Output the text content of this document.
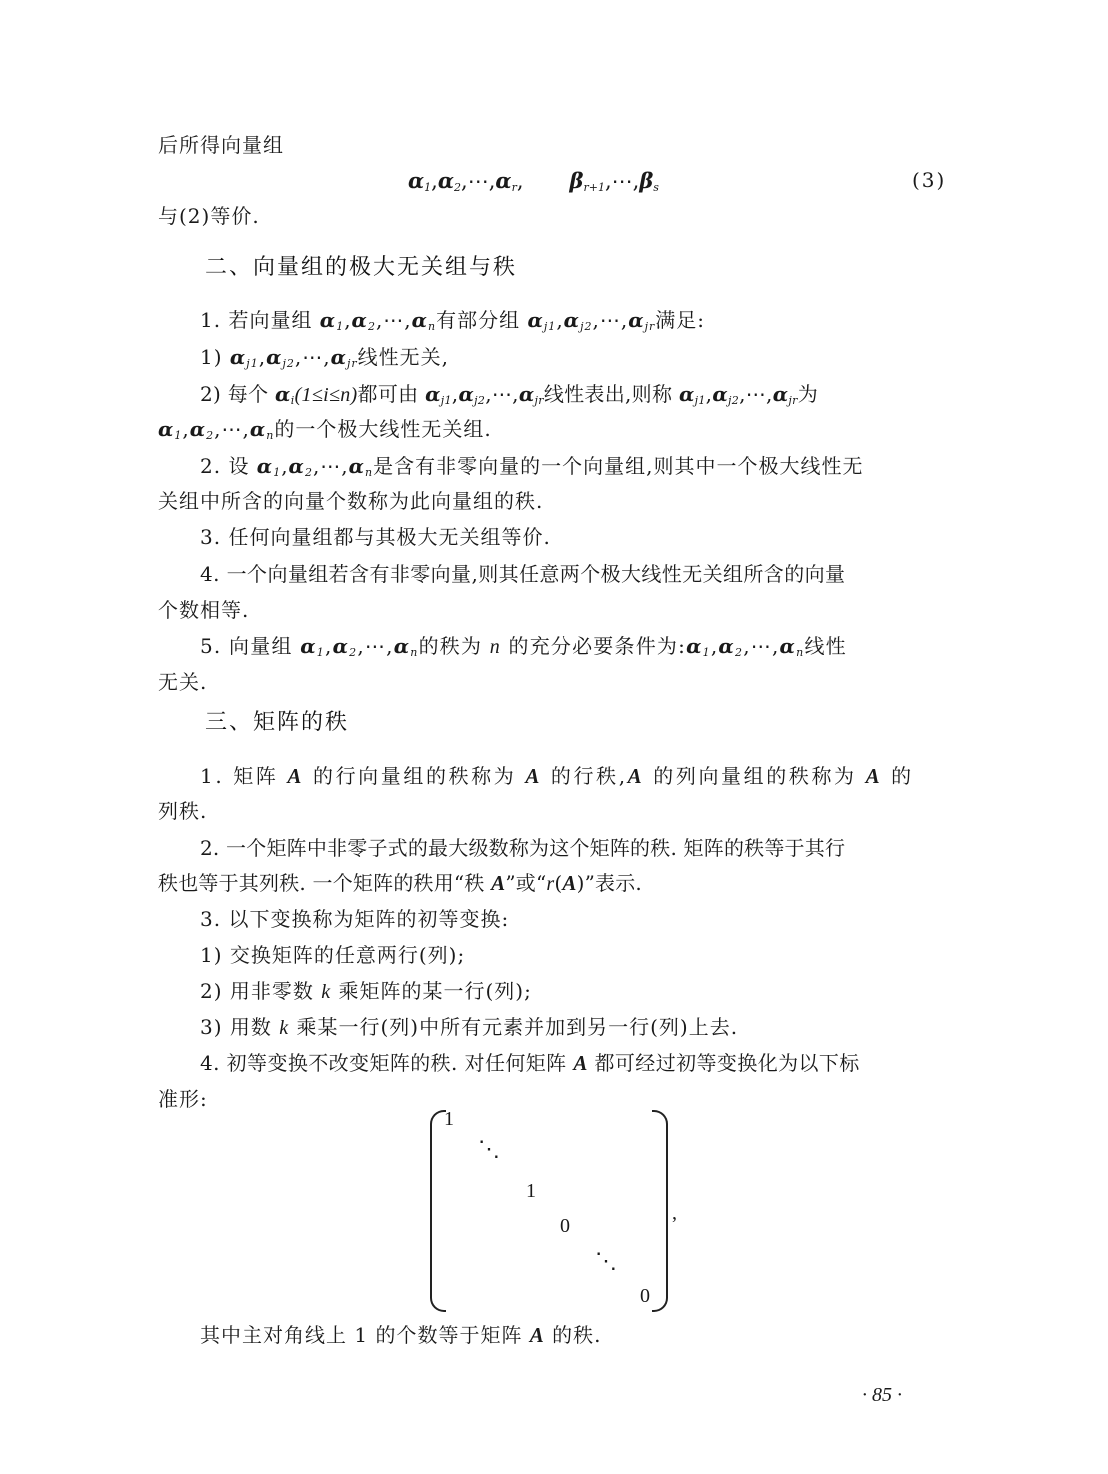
后所得向量组
$\alpha_1,\alpha_2,\cdots,\alpha_r$, $\beta_{r+1},\cdots,\beta_s$	(3)
与(2)等价.
二、向量组的极大无关组与秩
1. 若向量组 $\alpha_1,\alpha_2,\cdots,\alpha_n$有部分组 $\alpha_{j1},\alpha_{j2},\cdots,\alpha_{jr}$满足:
1) $\alpha_{j1},\alpha_{j2},\cdots,\alpha_{jr}$线性无关,
2) 每个 $\alpha_i(1\le i\le n)$都可由 $\alpha_{j1},\alpha_{j2},\cdots,\alpha_{jr}$线性表出,则称 $\alpha_{j1},\alpha_{j2},\cdots,\alpha_{jr}$为
$\alpha_1,\alpha_2,\cdots,\alpha_n$的一个极大线性无关组.
2. 设 $\alpha_1,\alpha_2,\cdots,\alpha_n$是含有非零向量的一个向量组,则其中一个极大线性无
关组中所含的向量个数称为此向量组的秩.
3. 任何向量组都与其极大无关组等价.
4. 一个向量组若含有非零向量,则其任意两个极大线性无关组所含的向量
个数相等.
5. 向量组 $\alpha_1,\alpha_2,\cdots,\alpha_n$的秩为 n 的充分必要条件为$:\alpha_1,\alpha_2,\cdots,\alpha_n$线性
无关.
三、矩阵的秩
1. 矩阵 A 的行向量组的秩称为 A 的行秩,A 的列向量组的秩称为 A 的
列秩.
2. 一个矩阵中非零子式的最大级数称为这个矩阵的秩. 矩阵的秩等于其行
秩也等于其列秩. 一个矩阵的秩用“秩 A”或“r(A)”表示.
3. 以下变换称为矩阵的初等变换:
1) 交换矩阵的任意两行(列);
2) 用非零数 k 乘矩阵的某一行(列);
3) 用数 k 乘某一行(列)中所有元素并加到另一行(列)上去.
4. 初等变换不改变矩阵的秩. 对任何矩阵 A 都可经过初等变换化为以下标
准形:
1
⋱
1
0
⋱
0
,
其中主对角线上 1 的个数等于矩阵 A 的秩.
· 85 ·
